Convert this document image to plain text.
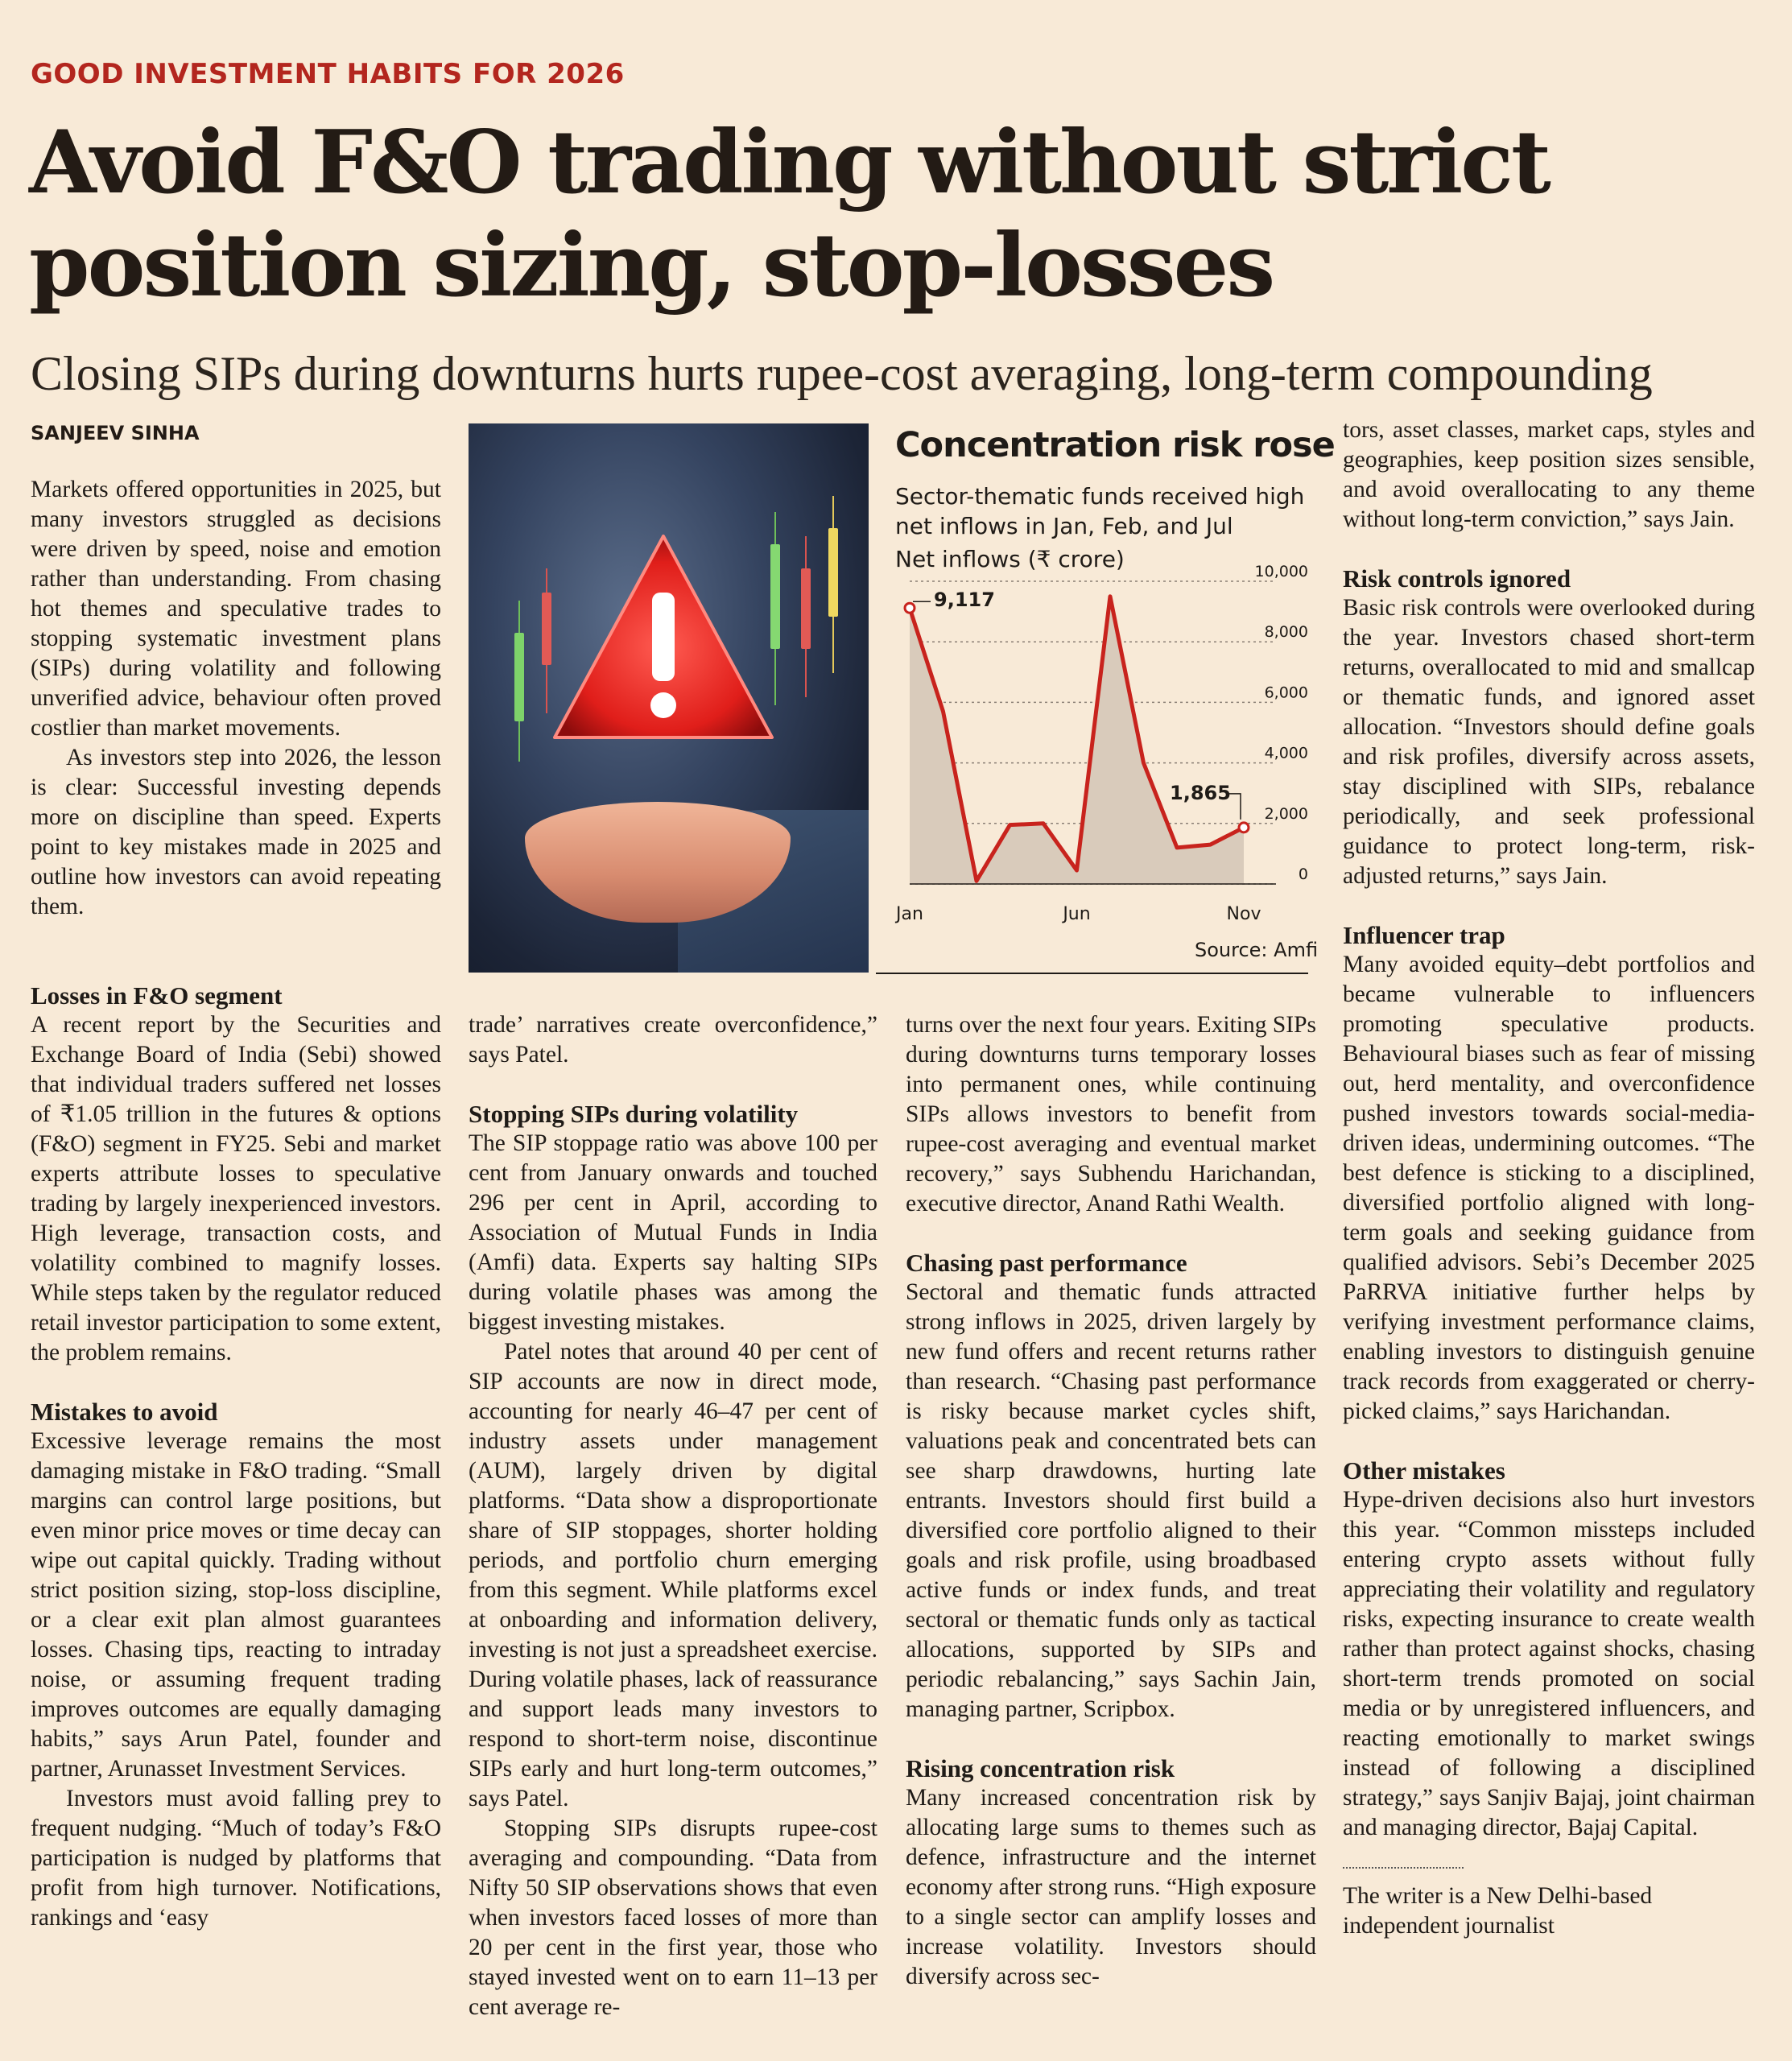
GOOD INVESTMENT HABITS FOR 2026
Avoid F&O trading without strict position sizing, stop-losses

Closing SIPs during downturns hurts rupee-cost averaging, long-term compounding

SANJEEV SINHA

Markets offered opportunities in 2025, but many investors struggled as decisions were driven by speed, noise and emotion rather than understanding. From chasing hot themes and speculative trades to stopping systematic investment plans (SIPs) during volatility and following unverified advice, behaviour often proved costlier than market movements.

As investors step into 2026, the lesson is clear: Successful investing depends more on discipline than speed. Experts point to key mistakes made in 2025 and outline how investors can avoid repeating them.

Concentration risk rose
Sector-thematic funds received high net inflows in Jan, Feb, and Jul
Net inflows (₹ crore)
0
2,000
4,000
6,000
8,000
10,000
9,117
1,865
Jan	Jun	Nov
Source: Amfi
Losses in F&O segment

A recent report by the Securities and Exchange Board of India (Sebi) showed that individual traders suffered net losses of ₹1.05 trillion in the futures & options (F&O) segment in FY25. Sebi and market experts attribute losses to speculative trading by largely inexperienced investors. High leverage, transaction costs, and volatility combined to magnify losses. While steps taken by the regulator reduced retail investor participation to some extent, the problem remains.

Mistakes to avoid

Excessive leverage remains the most damaging mistake in F&O trading. “Small margins can control large positions, but even minor price moves or time decay can wipe out capital quickly. Trading without strict position sizing, stop-loss discipline, or a clear exit plan almost guarantees losses. Chasing tips, reacting to intraday noise, or assuming frequent trading improves outcomes are equally damaging habits,” says Arun Patel, founder and partner, Arunasset Investment Services.

Investors must avoid falling prey to frequent nudging. “Much of today’s F&O participation is nudged by platforms that profit from high turnover. Notifications, rankings and ‘easy

trade’ narratives create overconfidence,” says Patel.

Stopping SIPs during volatility

The SIP stoppage ratio was above 100 per cent from January onwards and touched 296 per cent in April, according to Association of Mutual Funds in India (Amfi) data. Experts say halting SIPs during volatile phases was among the biggest investing mistakes.

Patel notes that around 40 per cent of SIP accounts are now in direct mode, accounting for nearly 46–47 per cent of industry assets under management (AUM), largely driven by digital platforms. “Data show a disproportionate share of SIP stoppages, shorter holding periods, and portfolio churn emerging from this segment. While platforms excel at onboarding and information delivery, investing is not just a spreadsheet exercise. During volatile phases, lack of reassurance and support leads many investors to respond to short-term noise, discontinue SIPs early and hurt long-term outcomes,” says Patel.

Stopping SIPs disrupts rupee-cost averaging and compounding. “Data from Nifty 50 SIP observations shows that even when investors faced losses of more than 20 per cent in the first year, those who stayed invested went on to earn 11–13 per cent average re-

turns over the next four years. Exiting SIPs during downturns turns temporary losses into permanent ones, while continuing SIPs allows investors to benefit from rupee-cost averaging and eventual market recovery,” says Subhendu Harichandan, executive director, Anand Rathi Wealth.

Chasing past performance

Sectoral and thematic funds attracted strong inflows in 2025, driven largely by new fund offers and recent returns rather than research. “Chasing past performance is risky because market cycles shift, valuations peak and concentrated bets can see sharp drawdowns, hurting late entrants. Investors should first build a diversified core portfolio aligned to their goals and risk profile, using broadbased active funds or index funds, and treat sectoral or thematic funds only as tactical allocations, supported by SIPs and periodic rebalancing,” says Sachin Jain, managing partner, Scripbox.

Rising concentration risk

Many increased concentration risk by allocating large sums to themes such as defence, infrastructure and the internet economy after strong runs. “High exposure to a single sector can amplify losses and increase volatility. Investors should diversify across sec-

tors, asset classes, market caps, styles and geographies, keep position sizes sensible, and avoid overallocating to any theme without long-term conviction,” says Jain.

Risk controls ignored

Basic risk controls were overlooked during the year. Investors chased short-term returns, overallocated to mid and smallcap or thematic funds, and ignored asset allocation. “Investors should define goals and risk profiles, diversify across assets, stay disciplined with SIPs, rebalance periodically, and seek professional guidance to protect long-term, risk-adjusted returns,” says Jain.

Influencer trap

Many avoided equity–debt portfolios and became vulnerable to influencers promoting speculative products. Behavioural biases such as fear of missing out, herd mentality, and overconfidence pushed investors towards social-media-driven ideas, undermining outcomes. “The best defence is sticking to a disciplined, diversified portfolio aligned with long-term goals and seeking guidance from qualified advisors. Sebi’s December 2025 PaRRVA initiative further helps by verifying investment performance claims, enabling investors to distinguish genuine track records from exaggerated or cherry-picked claims,” says Harichandan.

Other mistakes

Hype-driven decisions also hurt investors this year. “Common missteps included entering crypto assets without fully appreciating their volatility and regulatory risks, expecting insurance to create wealth rather than protect against shocks, chasing short-term trends promoted on social media or by unregistered influencers, and reacting emotionally to market swings instead of following a disciplined strategy,” says Sanjiv Bajaj, joint chairman and managing director, Bajaj Capital.

The writer is a New Delhi-based independent journalist
